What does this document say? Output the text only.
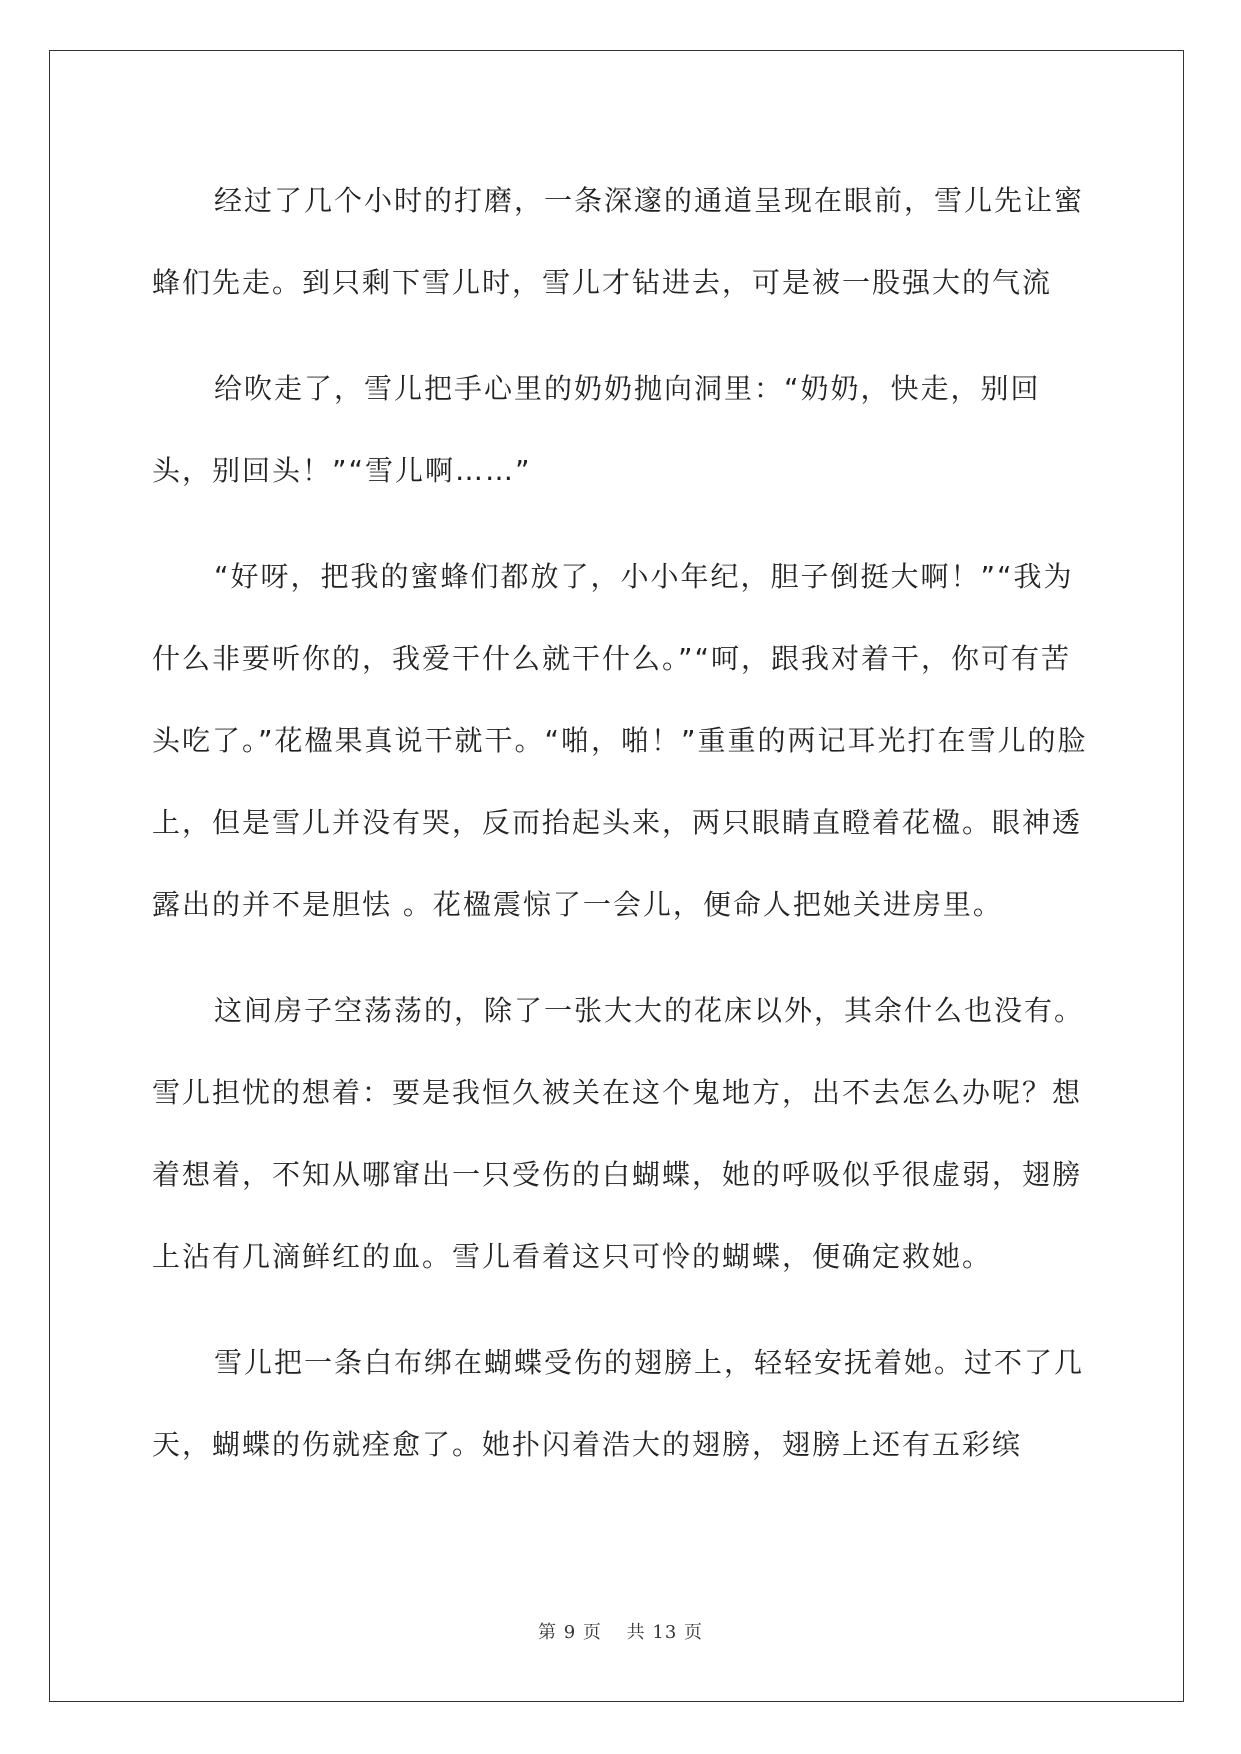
经过了几个小时的打磨，一条深邃的通道呈现在眼前，雪儿先让蜜蜂们先走。到只剩下雪儿时，雪儿才钻进去，可是被一股强大的气流

给吹走了，雪儿把手心里的奶奶抛向洞里：“奶奶，快走，别回头，别回头！”“雪儿啊……”

“好呀，把我的蜜蜂们都放了，小小年纪，胆子倒挺大啊！”“我为什么非要听你的，我爱干什么就干什么。”“呵，跟我对着干，你可有苦头吃了。”花楹果真说干就干。“啪，啪！”重重的两记耳光打在雪儿的脸上，但是雪儿并没有哭，反而抬起头来，两只眼睛直瞪着花楹。眼神透露出的并不是胆怯 。花楹震惊了一会儿，便命人把她关进房里。

这间房子空荡荡的，除了一张大大的花床以外，其余什么也没有。雪儿担忧的想着：要是我恒久被关在这个鬼地方，出不去怎么办呢？想着想着，不知从哪窜出一只受伤的白蝴蝶，她的呼吸似乎很虚弱，翅膀上沾有几滴鲜红的血。雪儿看着这只可怜的蝴蝶，便确定救她。

雪儿把一条白布绑在蝴蝶受伤的翅膀上，轻轻安抚着她。过不了几天，蝴蝶的伤就痊愈了。她扑闪着浩大的翅膀，翅膀上还有五彩缤

第 9 页 共 13 页
